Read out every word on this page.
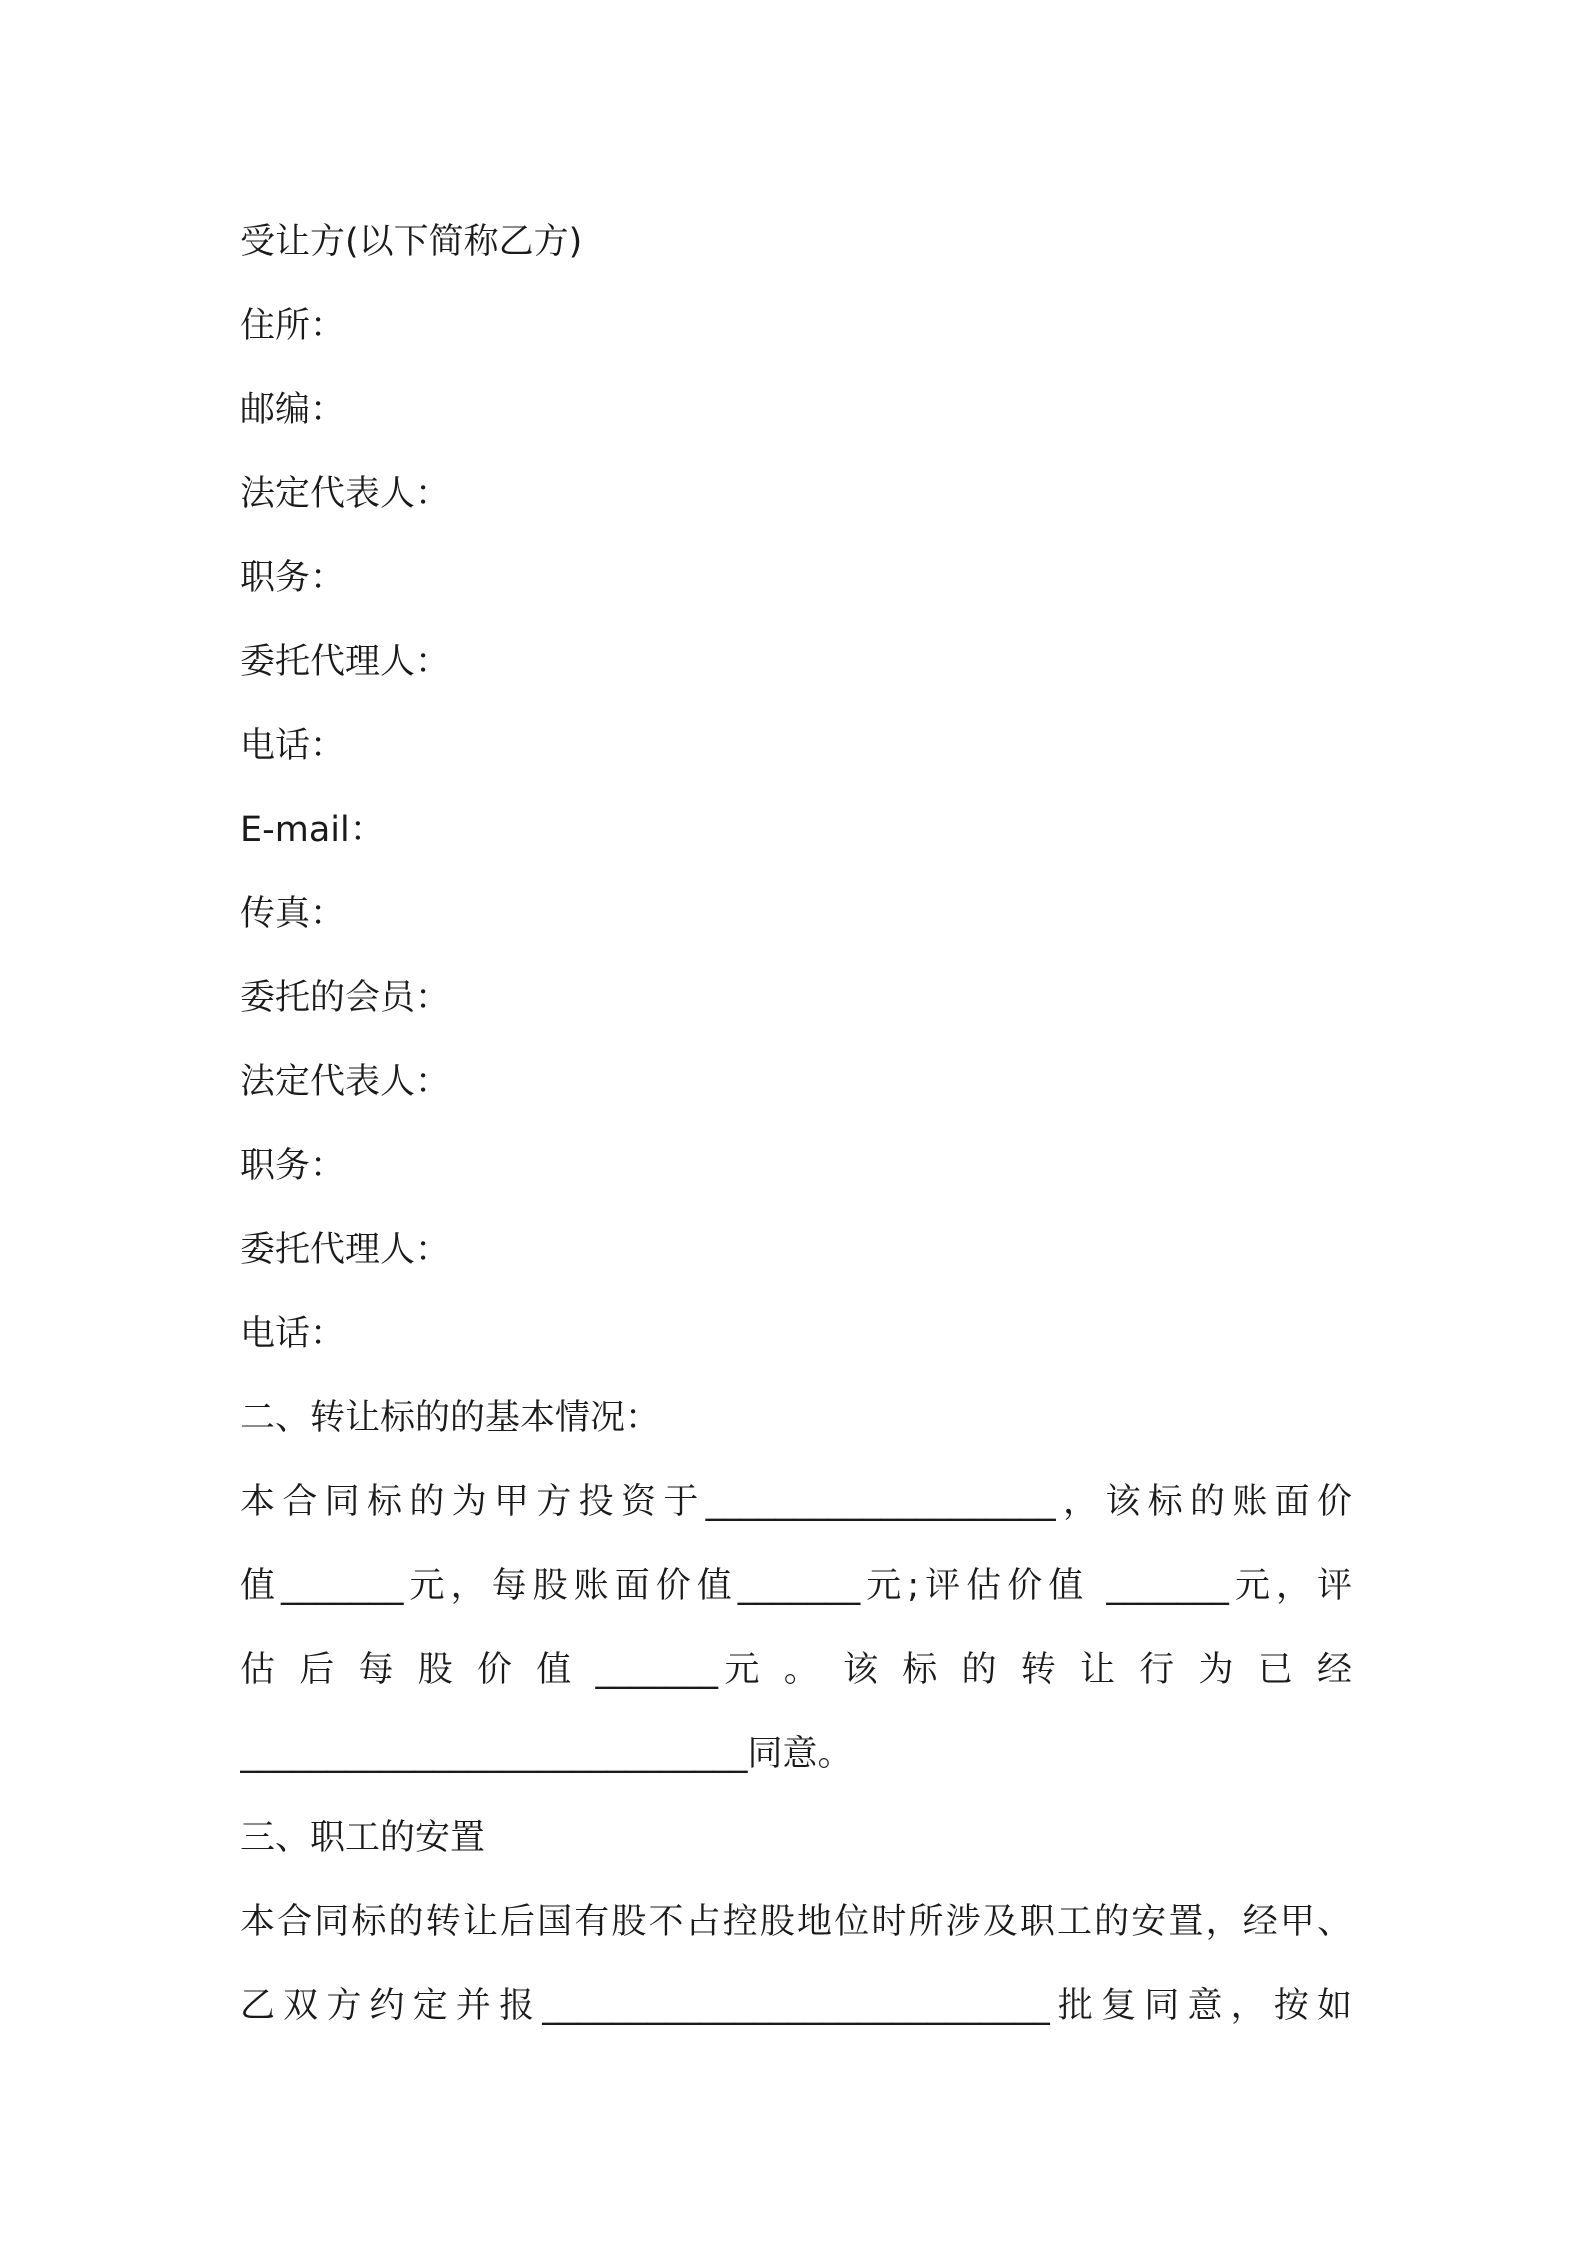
受让方(以下简称乙方)
住所：
邮编：
法定代表人：
职务：
委托代理人：
电话：
E-mail：
传真：
委托的会员：
法定代表人：
职务：
委托代理人：
电话：
二、转让标的的基本情况：
本合同标的为甲方投资于____________________，该标的账面价
值_______元，每股账面价值_______元;评估价值 _______元，评
估 后 每 股 价 值 _______元 。 该 标 的 转 让 行 为 已 经
_____________________________同意。
三、职工的安置
本合同标的转让后国有股不占控股地位时所涉及职工的安置，经甲、
乙双方约定并报_____________________________批复同意，按如
